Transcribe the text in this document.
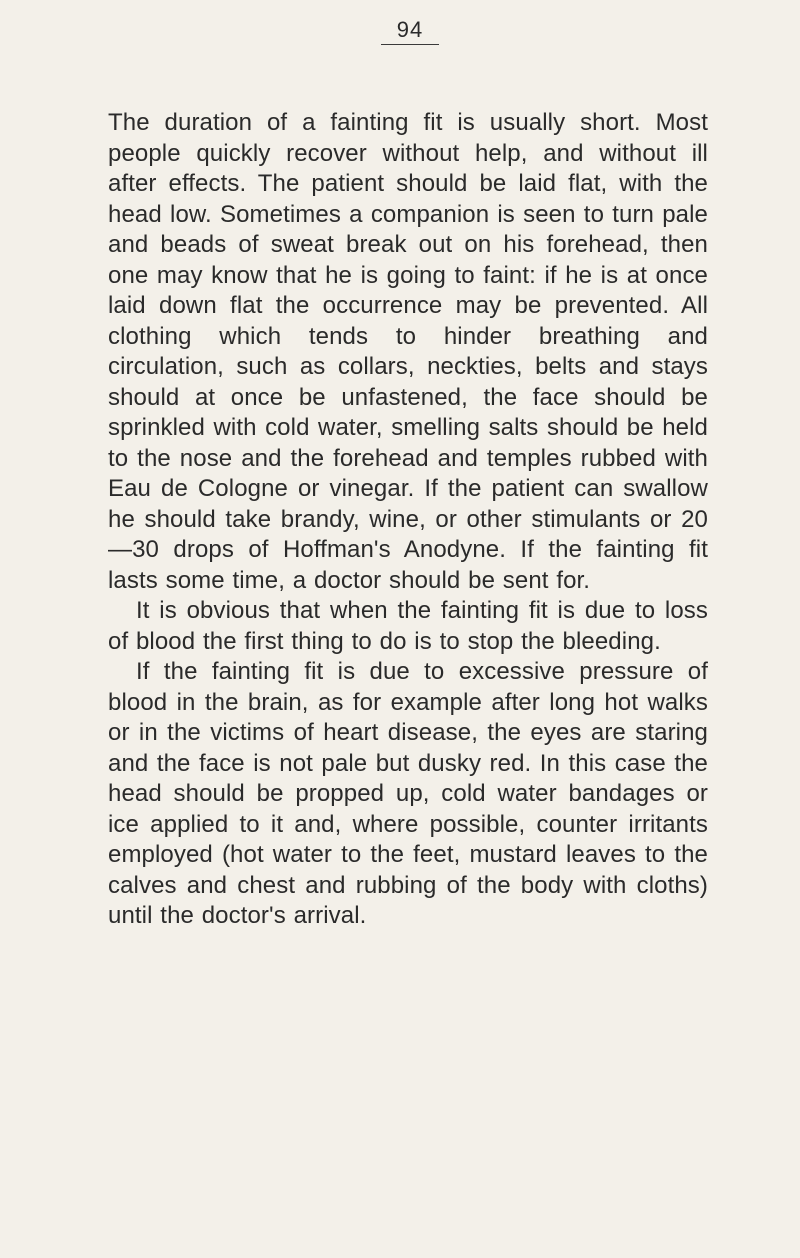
94

The duration of a fainting fit is usually short. Most people quickly recover without help, and without ill after effects. The patient should be laid flat, with the head low. Sometimes a companion is seen to turn pale and beads of sweat break out on his forehead, then one may know that he is going to faint: if he is at once laid down flat the occurrence may be prevented. All clothing which tends to hinder breathing and circulation, such as collars, neckties, belts and stays should at once be unfastened, the face should be sprinkled with cold water, smelling salts should be held to the nose and the forehead and temples rubbed with Eau de Cologne or vinegar. If the patient can swallow he should take brandy, wine, or other stimulants or 20—30 drops of Hoffman's Anodyne. If the fainting fit lasts some time, a doctor should be sent for.

It is obvious that when the fainting fit is due to loss of blood the first thing to do is to stop the bleeding.

If the fainting fit is due to excessive pressure of blood in the brain, as for example after long hot walks or in the victims of heart disease, the eyes are staring and the face is not pale but dusky red. In this case the head should be propped up, cold water bandages or ice applied to it and, where possible, counter irritants employed (hot water to the feet, mustard leaves to the calves and chest and rubbing of the body with cloths) until the doctor's arrival.
